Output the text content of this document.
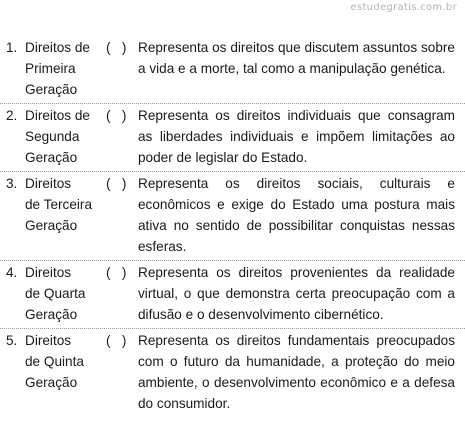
estudegratis.com.br
1. Direitos de
Primeira
Geração
(   ) Representa os direitos que discutem assuntos sobre a vida e a morte, tal como a manipulação genética.
2. Direitos de
Segunda
Geração
(   ) Representa os direitos individuais que consagram as liberdades individuais e impõem limitações ao poder de legislar do Estado.
3. Direitos
de Terceira
Geração
(   ) Representa os direitos sociais, culturais e econômicos e exige do Estado uma postura mais ativa no sentido de possibilitar conquistas nessas esferas.
4. Direitos
de Quarta
Geração
(   ) Representa os direitos provenientes da realidade virtual, o que demonstra certa preocupação com a difusão e o desenvolvimento cibernético.
5. Direitos
de Quinta
Geração
(   ) Representa os direitos fundamentais preocupados com o futuro da humanidade, a proteção do meio ambiente, o desenvolvimento econômico e a defesa do consumidor.
